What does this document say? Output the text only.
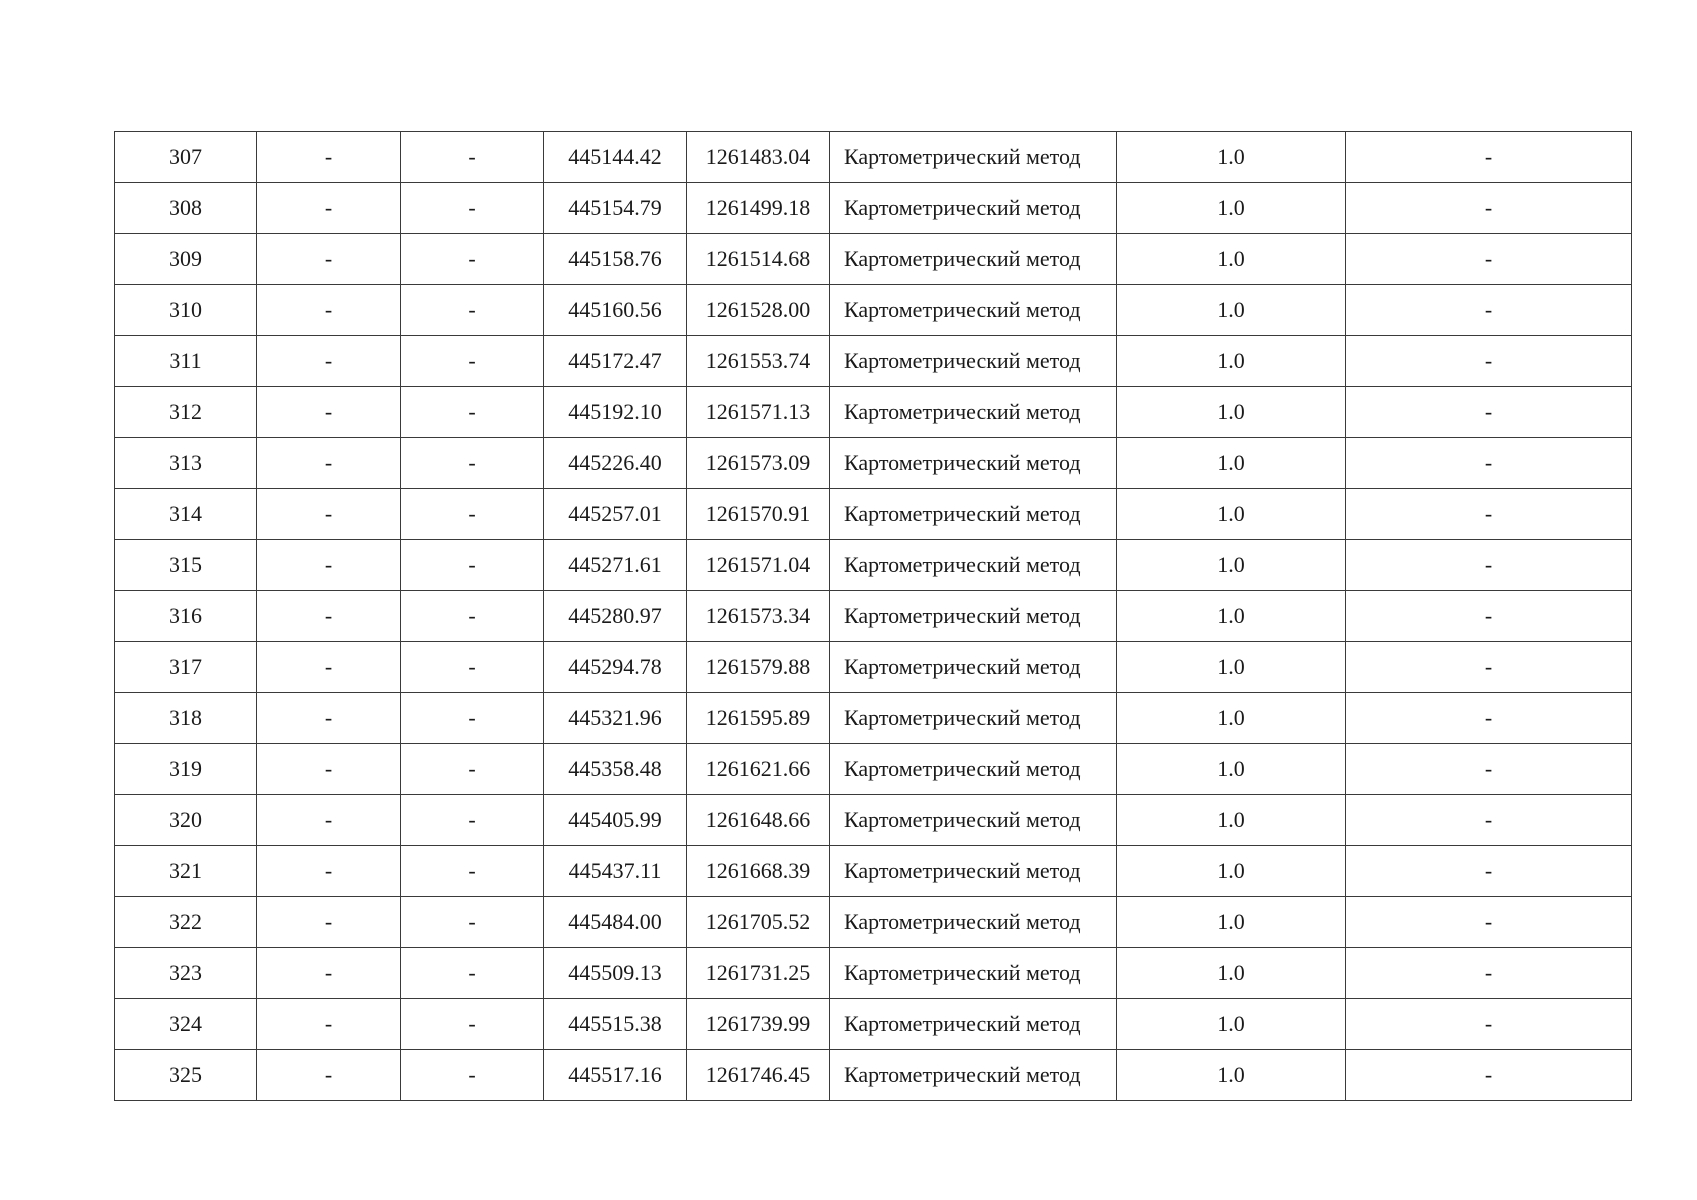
307	-	-	445144.42	1261483.04	Картометрический метод	1.0	-
308	-	-	445154.79	1261499.18	Картометрический метод	1.0	-
309	-	-	445158.76	1261514.68	Картометрический метод	1.0	-
310	-	-	445160.56	1261528.00	Картометрический метод	1.0	-
311	-	-	445172.47	1261553.74	Картометрический метод	1.0	-
312	-	-	445192.10	1261571.13	Картометрический метод	1.0	-
313	-	-	445226.40	1261573.09	Картометрический метод	1.0	-
314	-	-	445257.01	1261570.91	Картометрический метод	1.0	-
315	-	-	445271.61	1261571.04	Картометрический метод	1.0	-
316	-	-	445280.97	1261573.34	Картометрический метод	1.0	-
317	-	-	445294.78	1261579.88	Картометрический метод	1.0	-
318	-	-	445321.96	1261595.89	Картометрический метод	1.0	-
319	-	-	445358.48	1261621.66	Картометрический метод	1.0	-
320	-	-	445405.99	1261648.66	Картометрический метод	1.0	-
321	-	-	445437.11	1261668.39	Картометрический метод	1.0	-
322	-	-	445484.00	1261705.52	Картометрический метод	1.0	-
323	-	-	445509.13	1261731.25	Картометрический метод	1.0	-
324	-	-	445515.38	1261739.99	Картометрический метод	1.0	-
325	-	-	445517.16	1261746.45	Картометрический метод	1.0	-
